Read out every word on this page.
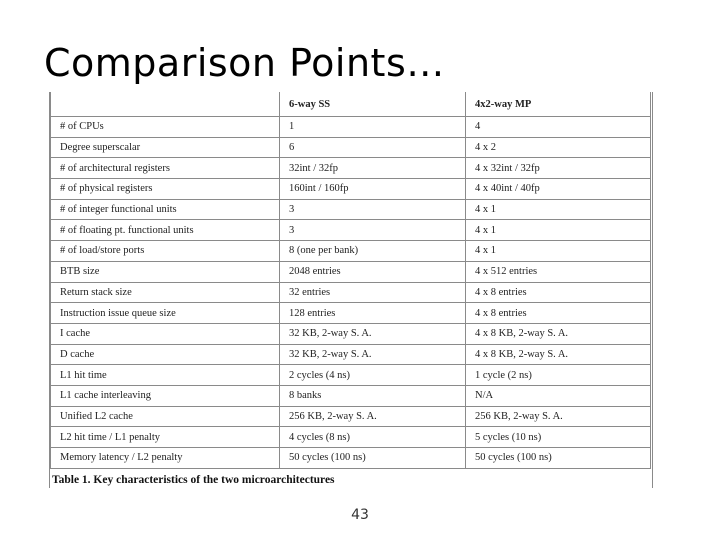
Comparison Points…
	6-way SS	4x2-way MP
# of CPUs	1	4
Degree superscalar	6	4 x 2
# of architectural registers	32int / 32fp	4 x 32int / 32fp
# of physical registers	160int / 160fp	4 x 40int / 40fp
# of integer functional units	3	4 x 1
# of floating pt. functional units	3	4 x 1
# of load/store ports	8 (one per bank)	4 x 1
BTB size	2048 entries	4 x 512 entries
Return stack size	32 entries	4 x 8 entries
Instruction issue queue size	128 entries	4 x 8 entries
I cache	32 KB, 2-way S. A.	4 x 8 KB, 2-way S. A.
D cache	32 KB, 2-way S. A.	4 x 8 KB, 2-way S. A.
L1 hit time	2 cycles (4 ns)	1 cycle (2 ns)
L1 cache interleaving	8 banks	N/A
Unified L2 cache	256 KB, 2-way S. A.	256 KB, 2-way S. A.
L2 hit time / L1 penalty	4 cycles (8 ns)	5 cycles (10 ns)
Memory latency / L2 penalty	50 cycles (100 ns)	50 cycles (100 ns)
Table 1. Key characteristics of the two microarchitectures
43
